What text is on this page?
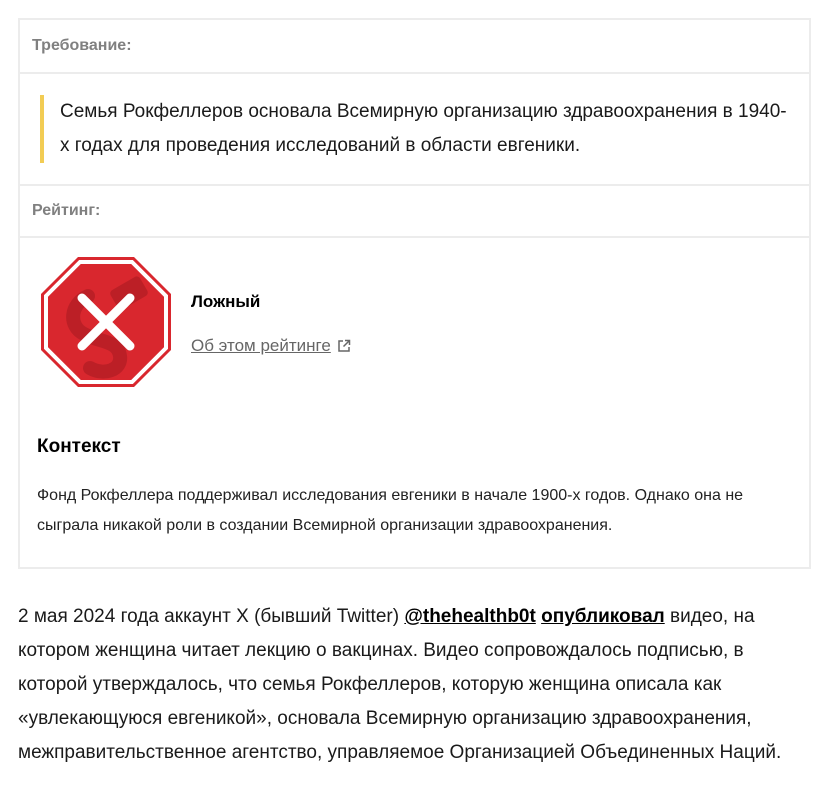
Требование:
Семья Рокфеллеров основала Всемирную организацию здравоохранения в 1940-х годах для проведения исследований в области евгеники.
Рейтинг:
Ложный
Об этом рейтинге
Контекст
Фонд Рокфеллера поддерживал исследования евгеники в начале 1900-х годов. Однако она не сыграла никакой роли в создании Всемирной организации здравоохранения.
2 мая 2024 года аккаунт X (бывший Twitter) @thehealthb0t опубликовал видео, на котором женщина читает лекцию о вакцинах. Видео сопровождалось подписью, в которой утверждалось, что семья Рокфеллеров, которую женщина описала как «увлекающуюся евгеникой», основала Всемирную организацию здравоохранения, межправительственное агентство, управляемое Организацией Объединенных Наций.
